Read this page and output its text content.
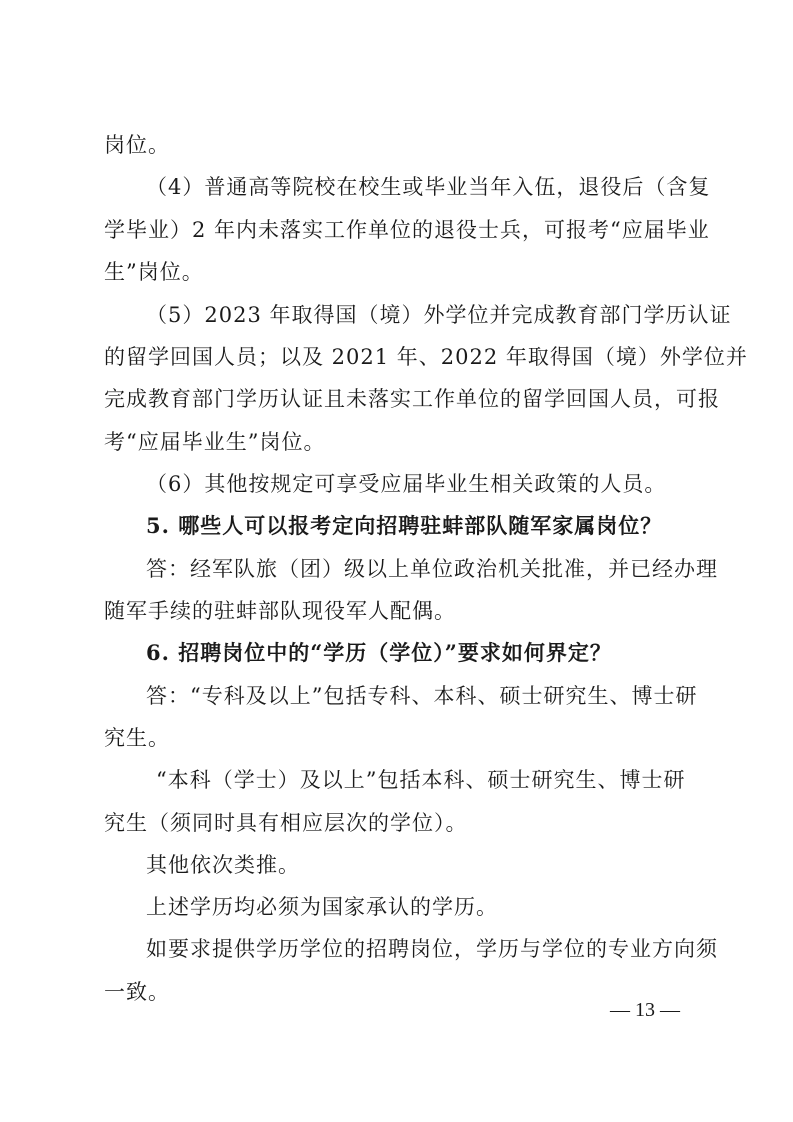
岗位。
（4）普通高等院校在校生或毕业当年入伍，退役后（含复
学毕业）2 年内未落实工作单位的退役士兵，可报考“应届毕业
生”岗位。
（5）2023 年取得国（境）外学位并完成教育部门学历认证
的留学回国人员；以及 2021 年、2022 年取得国（境）外学位并
完成教育部门学历认证且未落实工作单位的留学回国人员，可报
考“应届毕业生”岗位。
（6）其他按规定可享受应届毕业生相关政策的人员。
5. 哪些人可以报考定向招聘驻蚌部队随军家属岗位？
答：经军队旅（团）级以上单位政治机关批准，并已经办理
随军手续的驻蚌部队现役军人配偶。
6. 招聘岗位中的“学历（学位）”要求如何界定？
答：“专科及以上”包括专科、本科、硕士研究生、博士研
究生。
“本科（学士）及以上”包括本科、硕士研究生、博士研
究生（须同时具有相应层次的学位）。
其他依次类推。
上述学历均必须为国家承认的学历。
如要求提供学历学位的招聘岗位，学历与学位的专业方向须
一致。
— 13 —
